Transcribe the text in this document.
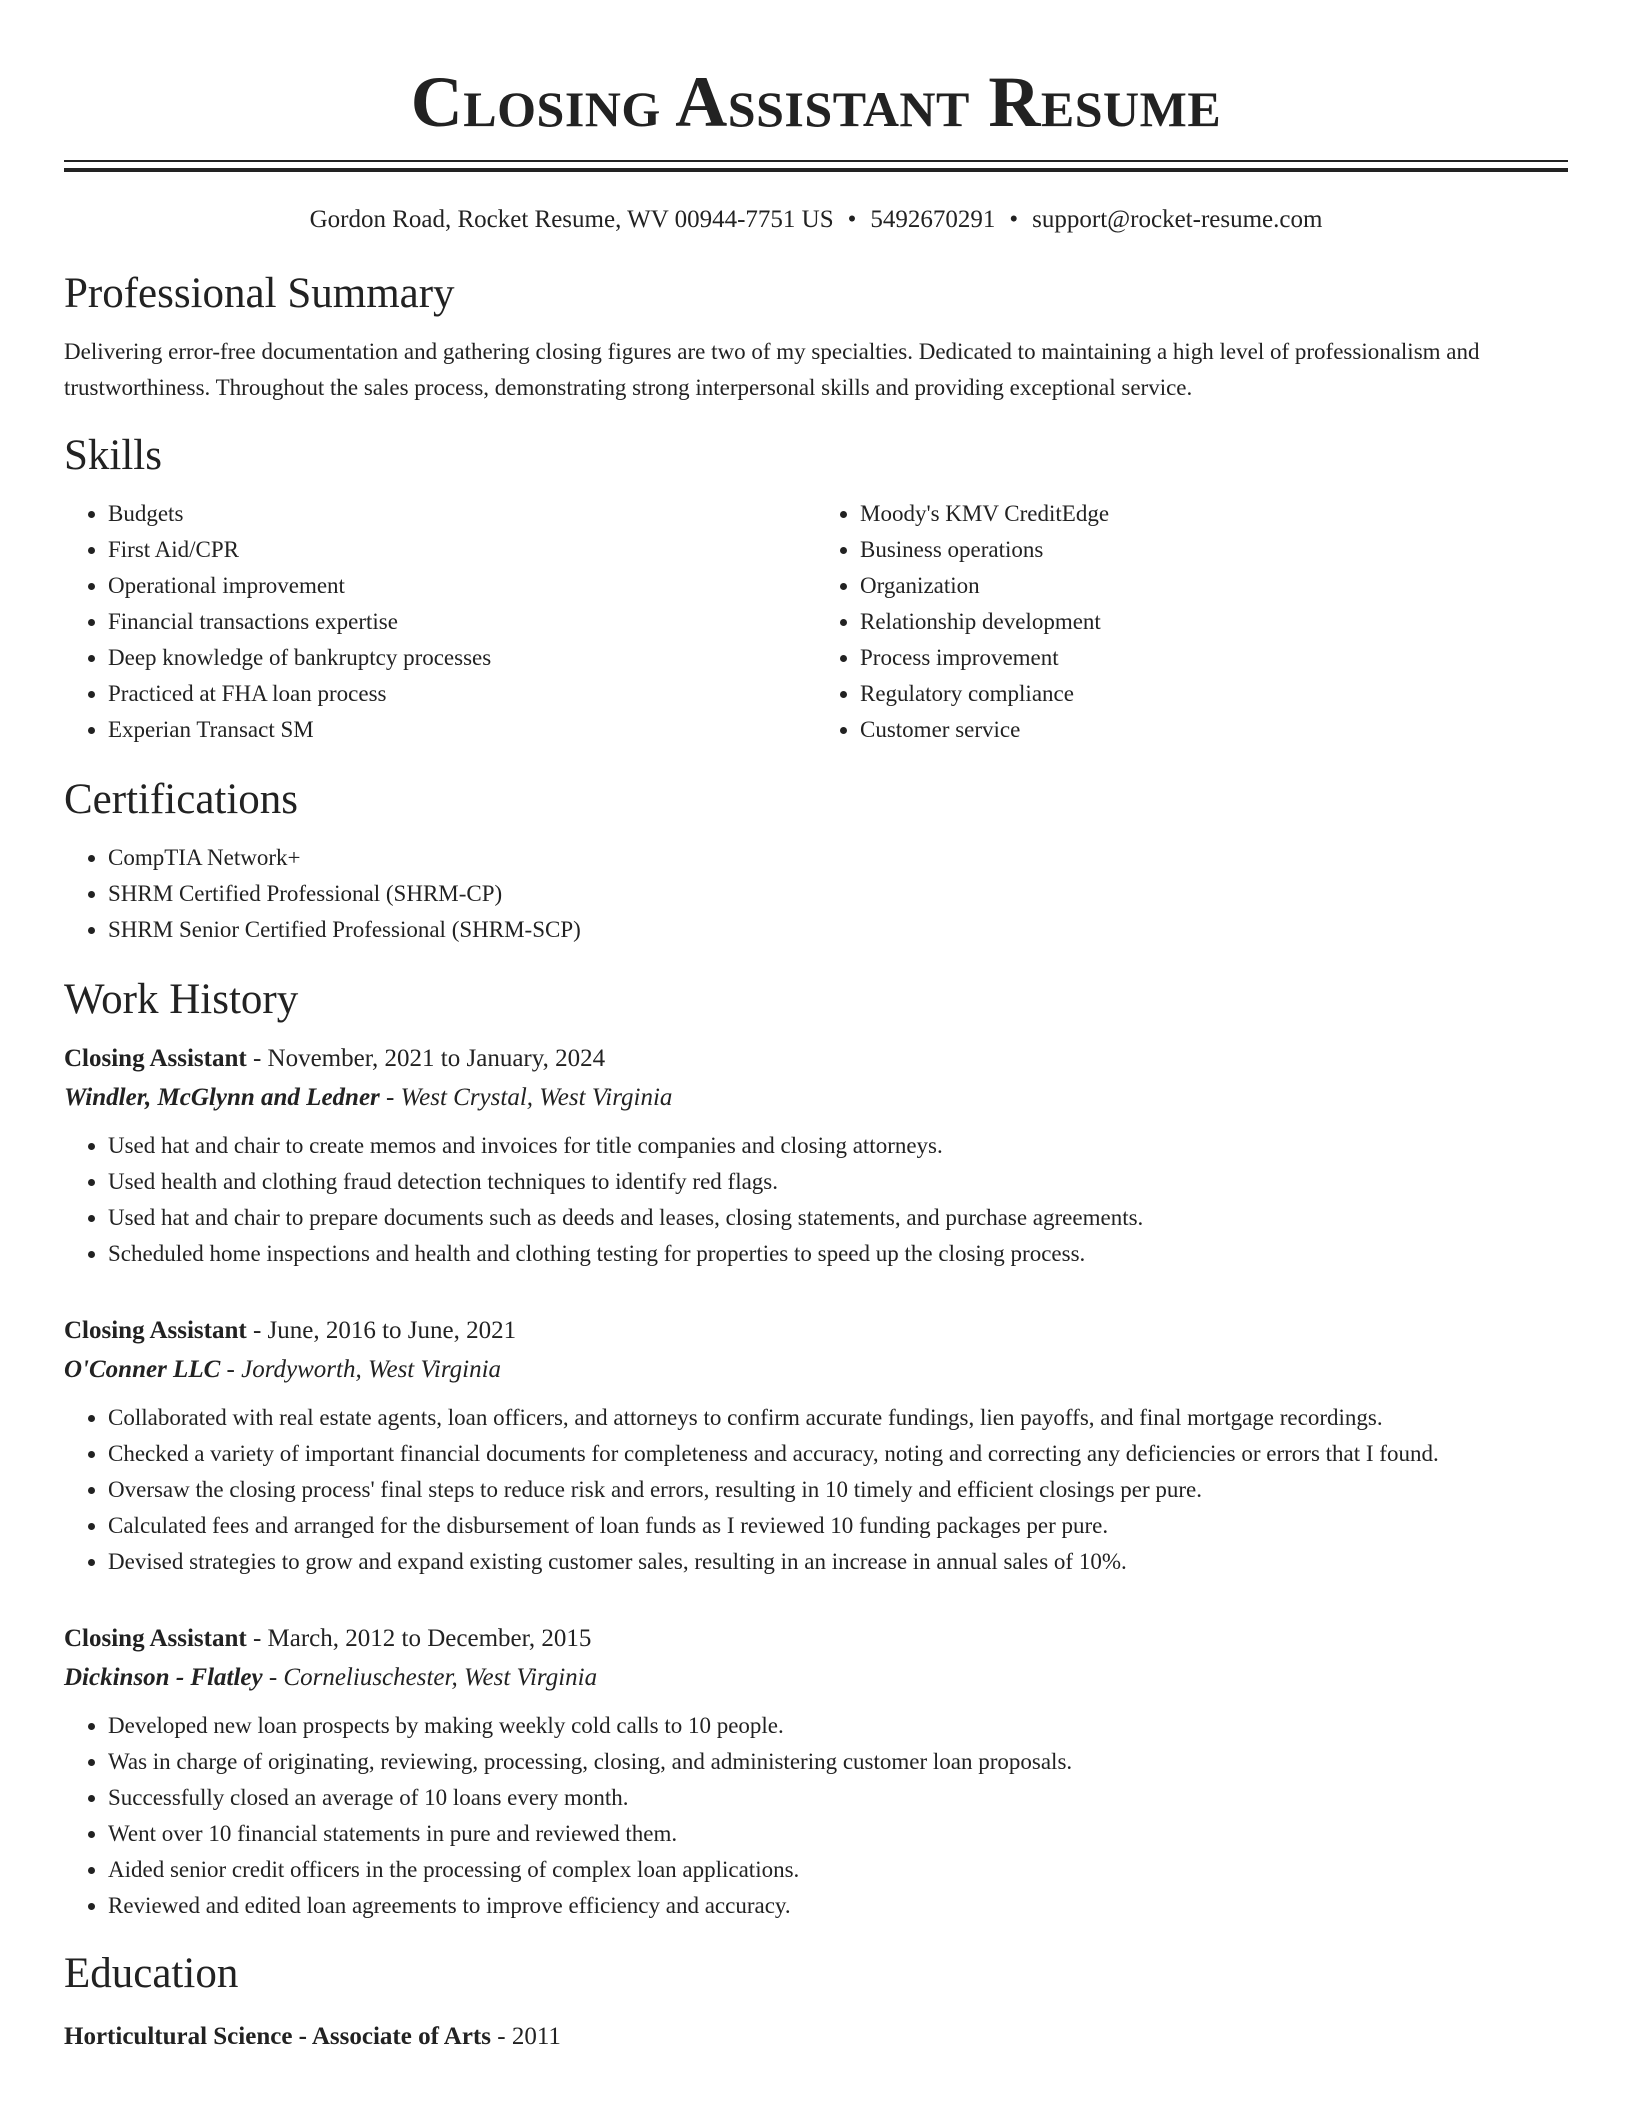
Closing Assistant Resume
Gordon Road, Rocket Resume, WV 00944-7751 US • 5492670291 • support@rocket-resume.com
Professional Summary

Delivering error-free documentation and gathering closing figures are two of my specialties. Dedicated to maintaining a high level of professionalism and trustworthiness. Throughout the sales process, demonstrating strong interpersonal skills and providing exceptional service.

Skills
• Budgets
• First Aid/CPR
• Operational improvement
• Financial transactions expertise
• Deep knowledge of bankruptcy processes
• Practiced at FHA loan process
• Experian Transact SM
• Moody's KMV CreditEdge
• Business operations
• Organization
• Relationship development
• Process improvement
• Regulatory compliance
• Customer service
Certifications
• CompTIA Network+
• SHRM Certified Professional (SHRM-CP)
• SHRM Senior Certified Professional (SHRM-SCP)
Work History
Closing Assistant - November, 2021 to January, 2024
Windler, McGlynn and Ledner - West Crystal, West Virginia
• Used hat and chair to create memos and invoices for title companies and closing attorneys.
• Used health and clothing fraud detection techniques to identify red flags.
• Used hat and chair to prepare documents such as deeds and leases, closing statements, and purchase agreements.
• Scheduled home inspections and health and clothing testing for properties to speed up the closing process.
Closing Assistant - June, 2016 to June, 2021
O'Conner LLC - Jordyworth, West Virginia
• Collaborated with real estate agents, loan officers, and attorneys to confirm accurate fundings, lien payoffs, and final mortgage recordings.
• Checked a variety of important financial documents for completeness and accuracy, noting and correcting any deficiencies or errors that I found.
• Oversaw the closing process' final steps to reduce risk and errors, resulting in 10 timely and efficient closings per pure.
• Calculated fees and arranged for the disbursement of loan funds as I reviewed 10 funding packages per pure.
• Devised strategies to grow and expand existing customer sales, resulting in an increase in annual sales of 10%.
Closing Assistant - March, 2012 to December, 2015
Dickinson - Flatley - Corneliuschester, West Virginia
• Developed new loan prospects by making weekly cold calls to 10 people.
• Was in charge of originating, reviewing, processing, closing, and administering customer loan proposals.
• Successfully closed an average of 10 loans every month.
• Went over 10 financial statements in pure and reviewed them.
• Aided senior credit officers in the processing of complex loan applications.
• Reviewed and edited loan agreements to improve efficiency and accuracy.
Education
Horticultural Science - Associate of Arts - 2011
